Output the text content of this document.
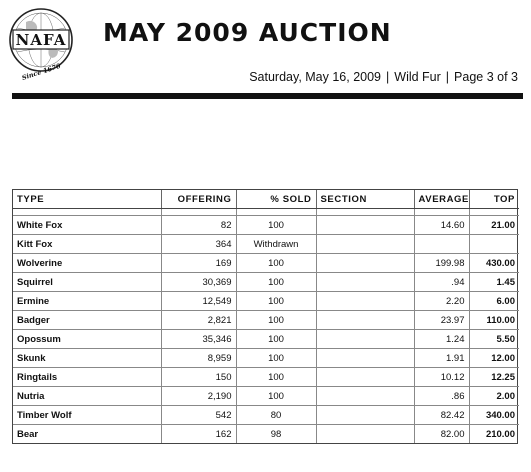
NAFA
Since 1670
MAY 2009 AUCTION
Saturday, May 16, 2009 | Wild Fur | Page 3 of 3
TYPE	OFFERING	% SOLD	SECTION	AVERAGE	TOP

White Fox	82	100		14.60	21.00
Kitt Fox	364	Withdrawn			
Wolverine	169	100		199.98	430.00
Squirrel	30,369	100		.94	1.45
Ermine	12,549	100		2.20	6.00
Badger	2,821	100		23.97	110.00
Opossum	35,346	100		1.24	5.50
Skunk	8,959	100		1.91	12.00
Ringtails	150	100		10.12	12.25
Nutria	2,190	100		.86	2.00
Timber Wolf	542	80		82.42	340.00
Bear	162	98		82.00	210.00
